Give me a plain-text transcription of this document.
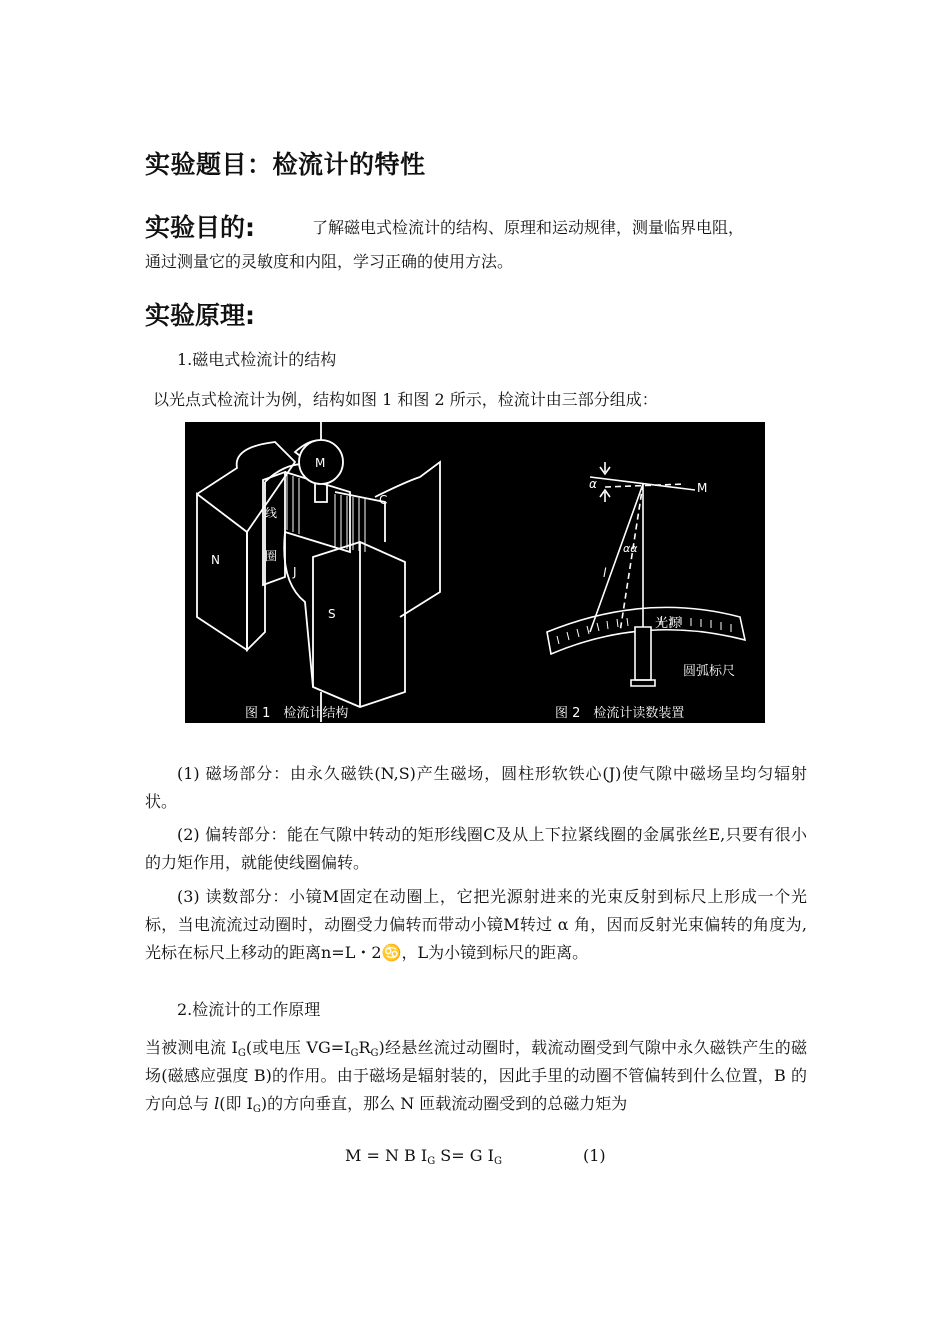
实验题目：检流计的特性
实验目的:	了解磁电式检流计的结构、原理和运动规律，测量临界电阻，
通过测量它的灵敏度和内阻，学习正确的使用方法。
实验原理:
1.磁电式检流计的结构
以光点式检流计为例，结构如图 1 和图 2 所示，检流计由三部分组成：
M
C
N
S
J
线
圈
图 1　检流计结构
α	M
αα
l
光源
圆弧标尺
图 2　检流计读数装置
(1) 磁场部分：由永久磁铁(N,S)产生磁场，圆柱形软铁心(J)使气隙中磁场呈均匀辐射状。
(2) 偏转部分：能在气隙中转动的矩形线圈C及从上下拉紧线圈的金属张丝E,只要有很小的力矩作用，就能使线圈偏转。
(3) 读数部分：小镜M固定在动圈上，它把光源射进来的光束反射到标尺上形成一个光标，当电流流过动圈时，动圈受力偏转而带动小镜M转过 α 角，因而反射光束偏转的角度为,光标在标尺上移动的距离n=L・2♋，L为小镜到标尺的距离。
2.检流计的工作原理
当被测电流 $I_G$(或电压 $VG=I_GR_G$)经悬丝流过动圈时，载流动圈受到气隙中永久磁铁产生的磁场(磁感应强度 B)的作用。由于磁场是辐射装的，因此手里的动圈不管偏转到什么位置，B 的方向总与 l(即 $I_G$)的方向垂直，那么 N 匝载流动圈受到的总磁力矩为
M = N B $I_G$ S= G $I_G$	(1)
